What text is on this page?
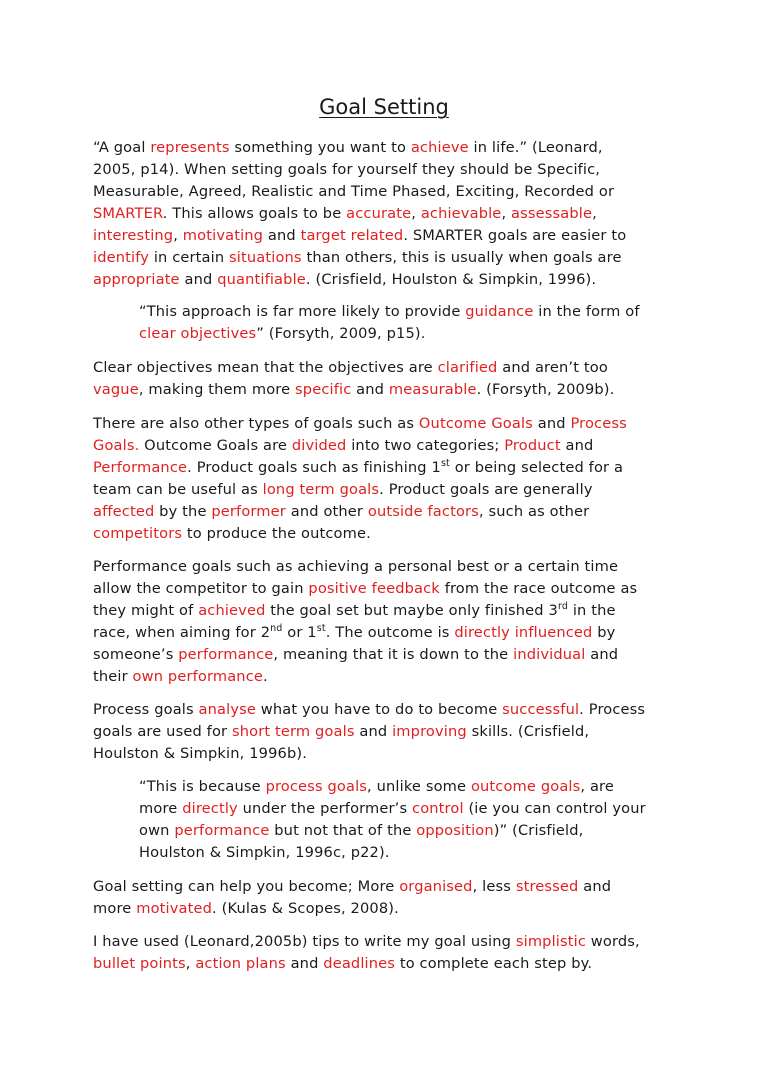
Goal Setting
“A goal represents something you want to achieve in life.” (Leonard,
2005, p14). When setting goals for yourself they should be Specific,
Measurable, Agreed, Realistic and Time Phased, Exciting, Recorded or
SMARTER. This allows goals to be accurate, achievable, assessable,
interesting, motivating and target related. SMARTER goals are easier to
identify in certain situations than others, this is usually when goals are
appropriate and quantifiable. (Crisfield, Houlston & Simpkin, 1996).
“This approach is far more likely to provide guidance in the form of
clear objectives” (Forsyth, 2009, p15).
Clear objectives mean that the objectives are clarified and aren’t too
vague, making them more specific and measurable. (Forsyth, 2009b).
There are also other types of goals such as Outcome Goals and Process
Goals. Outcome Goals are divided into two categories; Product and
Performance. Product goals such as finishing 1st or being selected for a
team can be useful as long term goals. Product goals are generally
affected by the performer and other outside factors, such as other
competitors to produce the outcome.
Performance goals such as achieving a personal best or a certain time
allow the competitor to gain positive feedback from the race outcome as
they might of achieved the goal set but maybe only finished 3rd in the
race, when aiming for 2nd or 1st. The outcome is directly influenced by
someone’s performance, meaning that it is down to the individual and
their own performance.
Process goals analyse what you have to do to become successful. Process
goals are used for short term goals and improving skills. (Crisfield,
Houlston & Simpkin, 1996b).
“This is because process goals, unlike some outcome goals, are
more directly under the performer’s control (ie you can control your
own performance but not that of the opposition)” (Crisfield,
Houlston & Simpkin, 1996c, p22).
Goal setting can help you become; More organised, less stressed and
more motivated. (Kulas & Scopes, 2008).
I have used (Leonard,2005b) tips to write my goal using simplistic words,
bullet points, action plans and deadlines to complete each step by.
